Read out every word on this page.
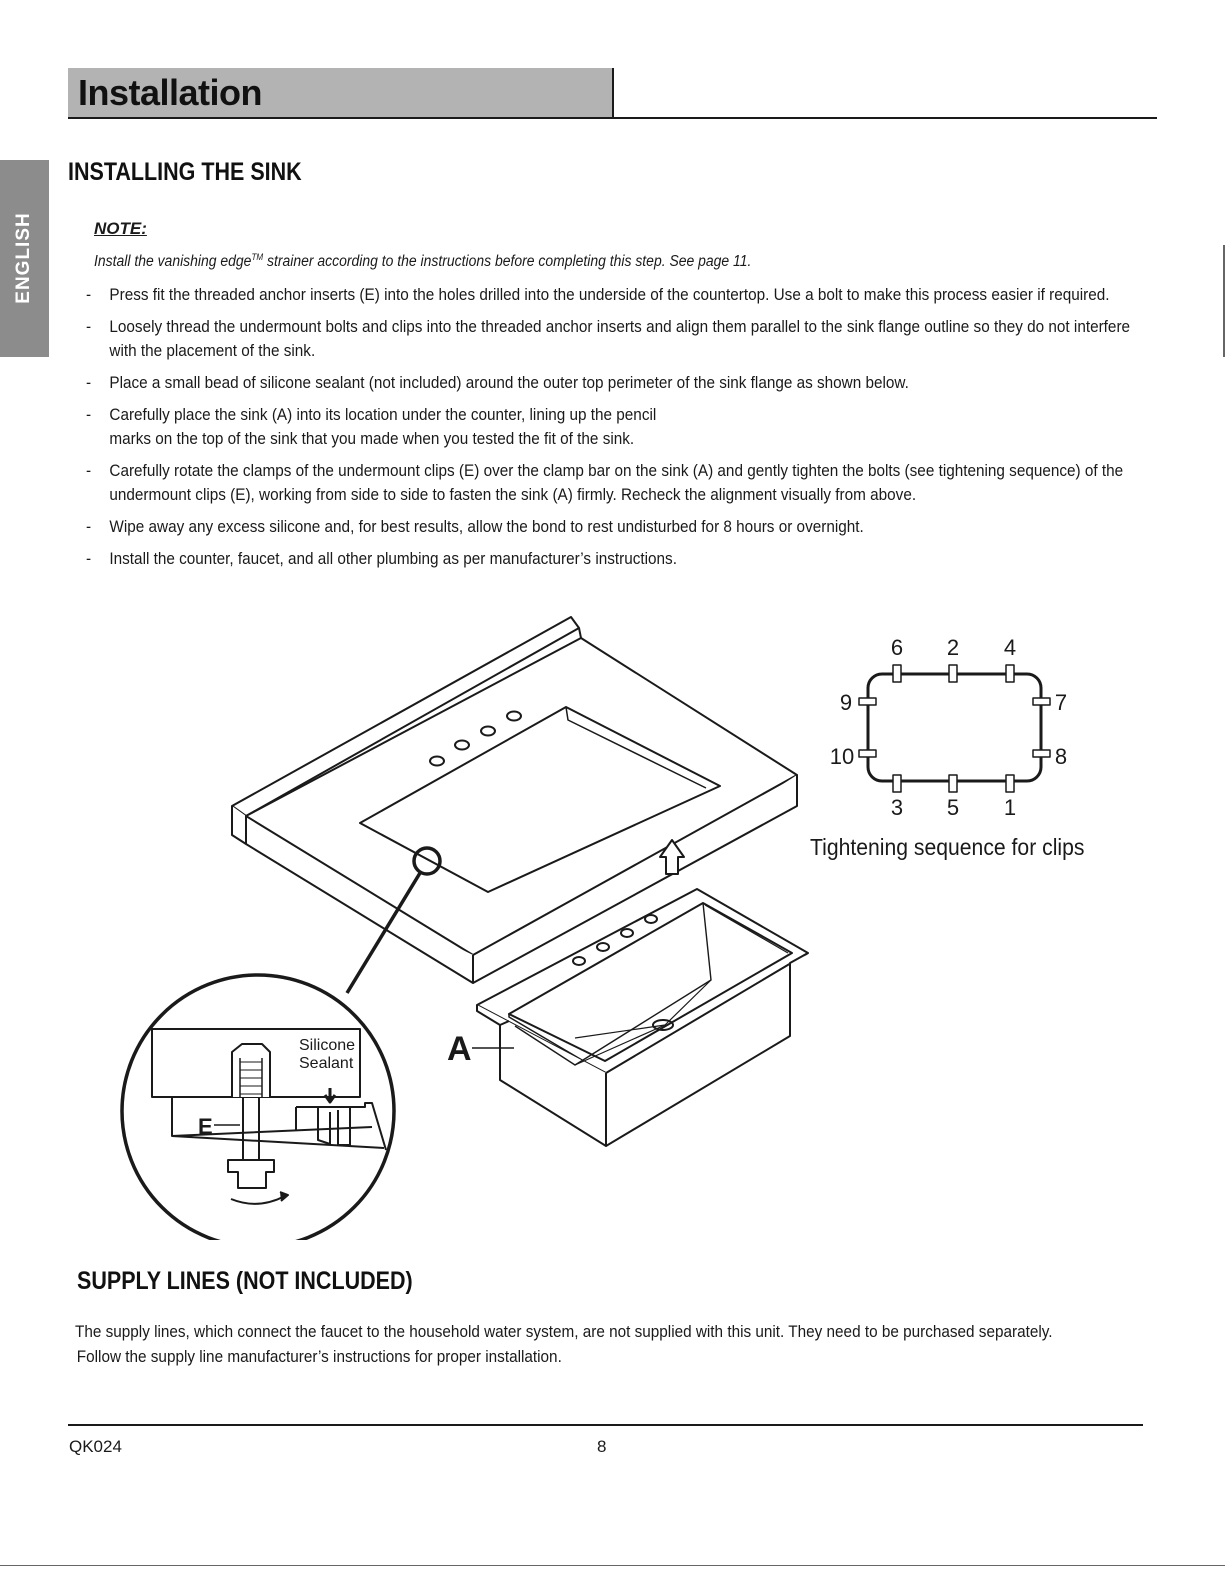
Installation
ENGLISH
INSTALLING THE SINK
NOTE:
Install the vanishing edge™ strainer according to the instructions before completing this step. See page 11.
- Press fit the threaded anchor inserts (E) into the holes drilled into the underside of the countertop. Use a bolt to make this process easier if required.
- Loosely thread the undermount bolts and clips into the threaded anchor inserts and align them parallel to the sink flange outline so they do not interfere with the placement of the sink.
- Place a small bead of silicone sealant (not included) around the outer top perimeter of the sink flange as shown below.
- Carefully place the sink (A) into its location under the counter, lining up the pencil marks on the top of the sink that you made when you tested the fit of the sink.
- Carefully rotate the clamps of the undermount clips (E) over the clamp bar on the sink (A) and gently tighten the bolts (see tightening sequence) of the undermount clips (E), working from side to side to fasten the sink (A) firmly. Recheck the alignment visually from above.
- Wipe away any excess silicone and, for best results, allow the bond to rest undisturbed for 8 hours or overnight.
- Install the counter, faucet, and all other plumbing as per manufacturer’s instructions.
A
E
Silicone
Sealant
6 2 4
9
10
7
8
3 5 1
Tightening sequence for clips
SUPPLY LINES (NOT INCLUDED)
The supply lines, which connect the faucet to the household water system, are not supplied with this unit. They need to be purchased separately.
Follow the supply line manufacturer’s instructions for proper installation.
QK024	8
